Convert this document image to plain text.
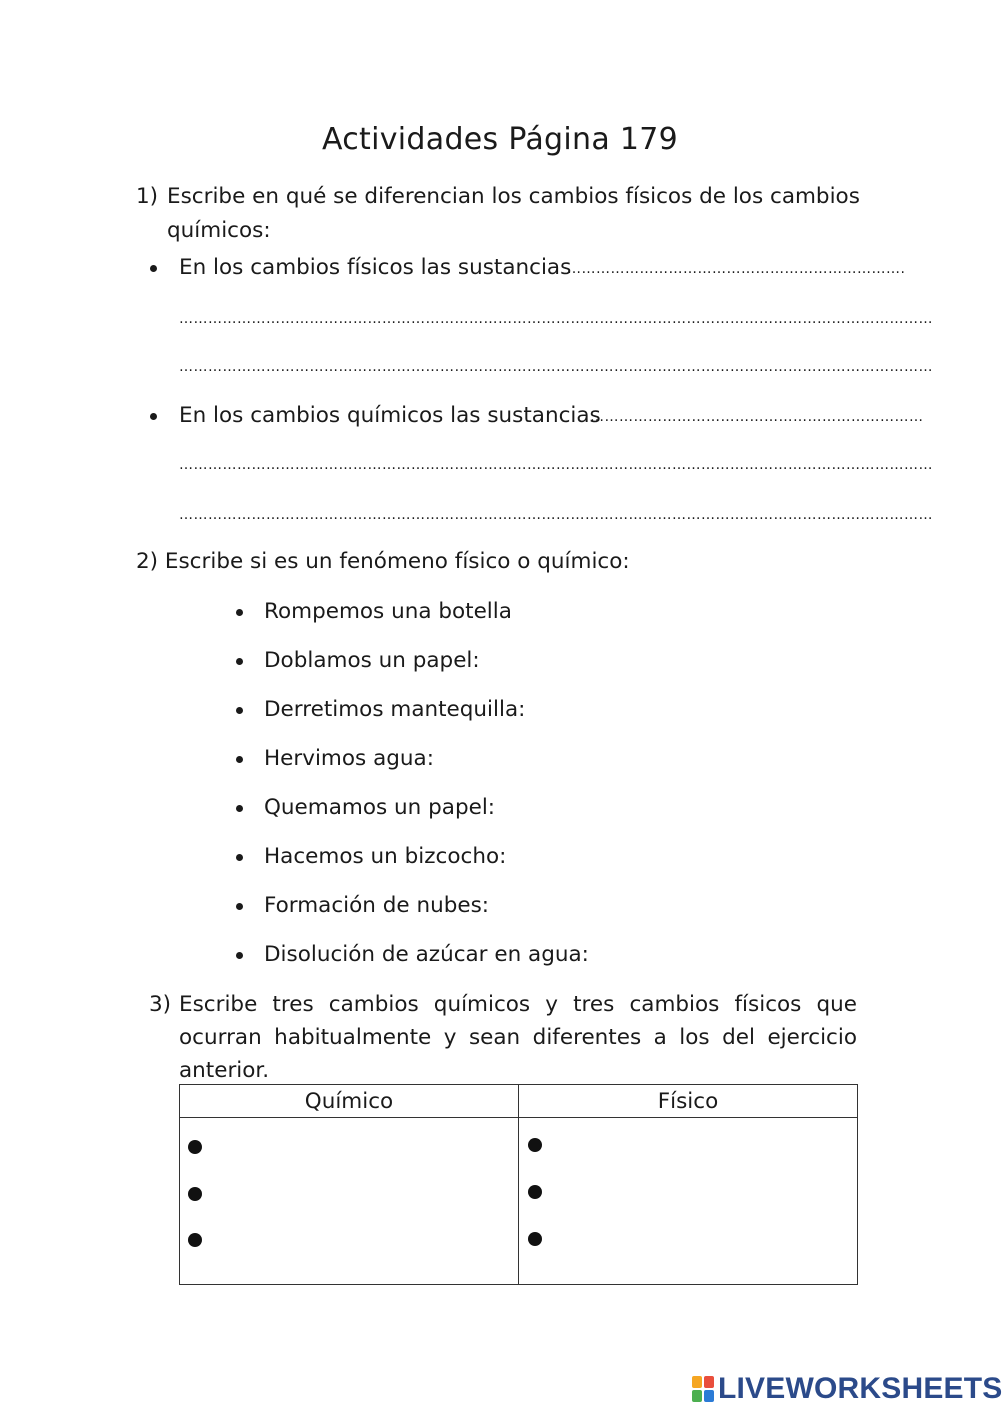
Actividades Página 179
1) Escribe en qué se diferencian los cambios físicos de los cambios
químicos:
En los cambios físicos las sustancias
…………………………………………………………….
…………………………………………………………………………………………………………………………………………
…………………………………………………………………………………………………………………………………………
En los cambios químicos las sustancias
……………………………………………………………
…………………………………………………………………………………………………………………………………………
…………………………………………………………………………………………………………………………………………
2) Escribe si es un fenómeno físico o químico:
Rompemos una botella
Doblamos un papel:
Derretimos mantequilla:
Hervimos agua:
Quemamos un papel:
Hacemos un bizcocho:
Formación de nubes:
Disolución de azúcar en agua:
3) Escribe tres cambios químicos y tres cambios físicos que
ocurran habitualmente y sean diferentes a los del ejercicio
anterior.
Químico	Físico

LIVEWORKSHEETS
